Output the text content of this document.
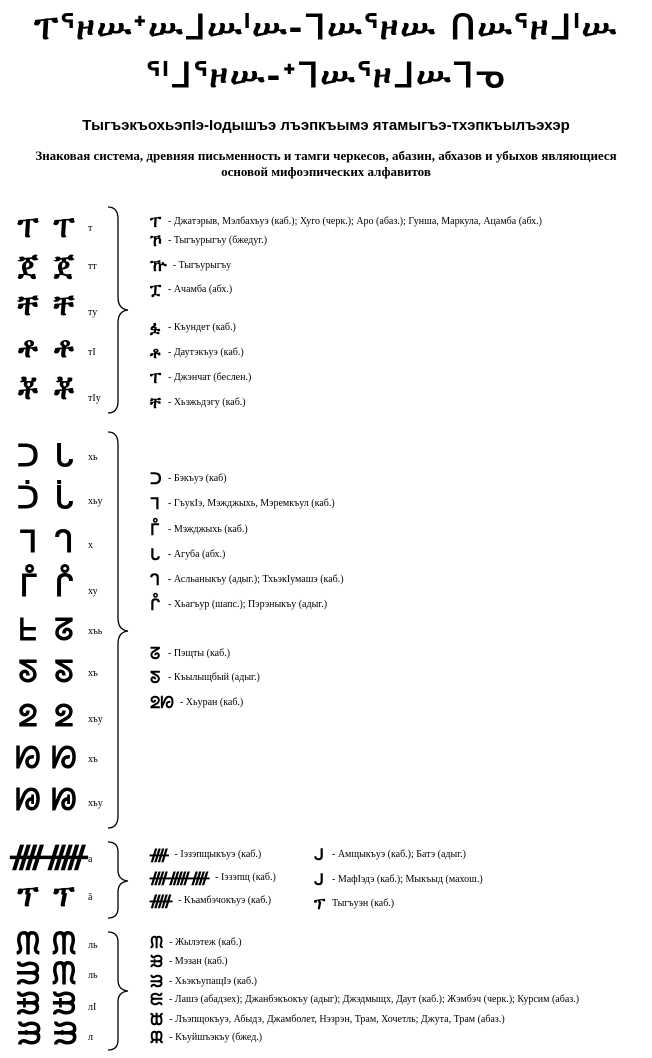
ፐᕐዞሡᐩሡᒧሡᑊሡ-ᒣሡᕐዞሡ ᑎሡᕐዞᒧᑊሡ
ᕐᑊᒧᕐዞሡ-ᐩᒣሡᕐዞᒧሡᒣᓀ
ТыгъэкъохьэпIэ-Iодышъэ лъэпкъымэ ятамыгъэ-тхэпкъылъэхэр
Знаковая система, древняя письменность и тамги черкесов, абазин, абхазов и убыхов являющиеся основой мифоэпических алфавитов
ፐ ፐ	т
ጀ ጀ	тт
ቸ ቸ	ту
ቶ ቶ	тI
ቾ ቾ	тIу
ፐ - Джатэрыв, Мэлбахъуэ (каб.); Хуго (черк.); Аро (абаз.); Гунша, Маркула, Ацамба (абх.)
ኾ - Тыгъурыгъу (бжедуг.)
ዅ - Тыгъурыгъу
ፗ - Ачамба (абх.)
ፏ - Къундет (каб.)
ቶ - Даутэкъуэ (каб.)
ፐ - Джэнчат (беслен.)
ቸ - Хьэжьдэгу (каб.)
ᑐ ᒐ	хь
ᑑ ᒑ	хьу
ᒣ ᒉ	х
ᒤ ᒊ	ху
ᖶ ᘔ	хъь
ᘕ ᘕ	хъ
ᘖ ᘖ	хъу
ᘗ ᘗ	хъ
ᘘ ᘘ	хъу
ᑐ - Бэкъуэ (каб)
ᒣ - ГъукIэ, Мэжджыхь, Мэремкъул (каб.)
ᒤ - Мэжджыхь (каб.)
ᒐ - Агуба (абх.)
ᒉ - Асльаныкъу (адыг.); ТхьэкIумашэ (каб.)
ᒊ - Хьагъур (шапс.); Пэрэныкъу (адыг.)
ᘔ - Пэщты (каб.)
ᘕ - Къылыщбый (адыг.)
ᘖᘗ - Хьуран (каб.)
ᚎ ᚏ а
ፕ ፕ	ā
ᚎ - Iэзэпщыкъуэ (каб.)
ᚎᚏᚎ - Iэзэпщ (каб.)
ᚏ - Къамбэчокъуэ (каб.)
ᒍ - Амщыкъуэ (каб.); Батэ (адыг.)
ᒍ - МафIэдэ (каб.); Мыкъыд (махош.)
ፕ Тыгъуэн (каб.)
ᙏ ᙏ	ль
ᙐ ᙏ	ль
ᙑ ᙑ	лI
ᙒ ᙒ	л
ᙏ - Жылэтеж (каб.)
ᙑ - Мэзан (каб.)
ᙐ - ХьэкъупащIэ (каб.)
ᙓ - Лашэ (абадзех); Джанбэкъокъу (адыг); Джэдмыщх, Даут (каб.); Жэмбэч (черк.); Курсим (абаз.)
ᙔ - Лъэпщокъуэ, Абыдэ, Джамболет, Нэзрэн, Трам, Хочетль; Джута, Трам (абаз.)
ᙕ - Къуйшъэкъу (бжед.)
